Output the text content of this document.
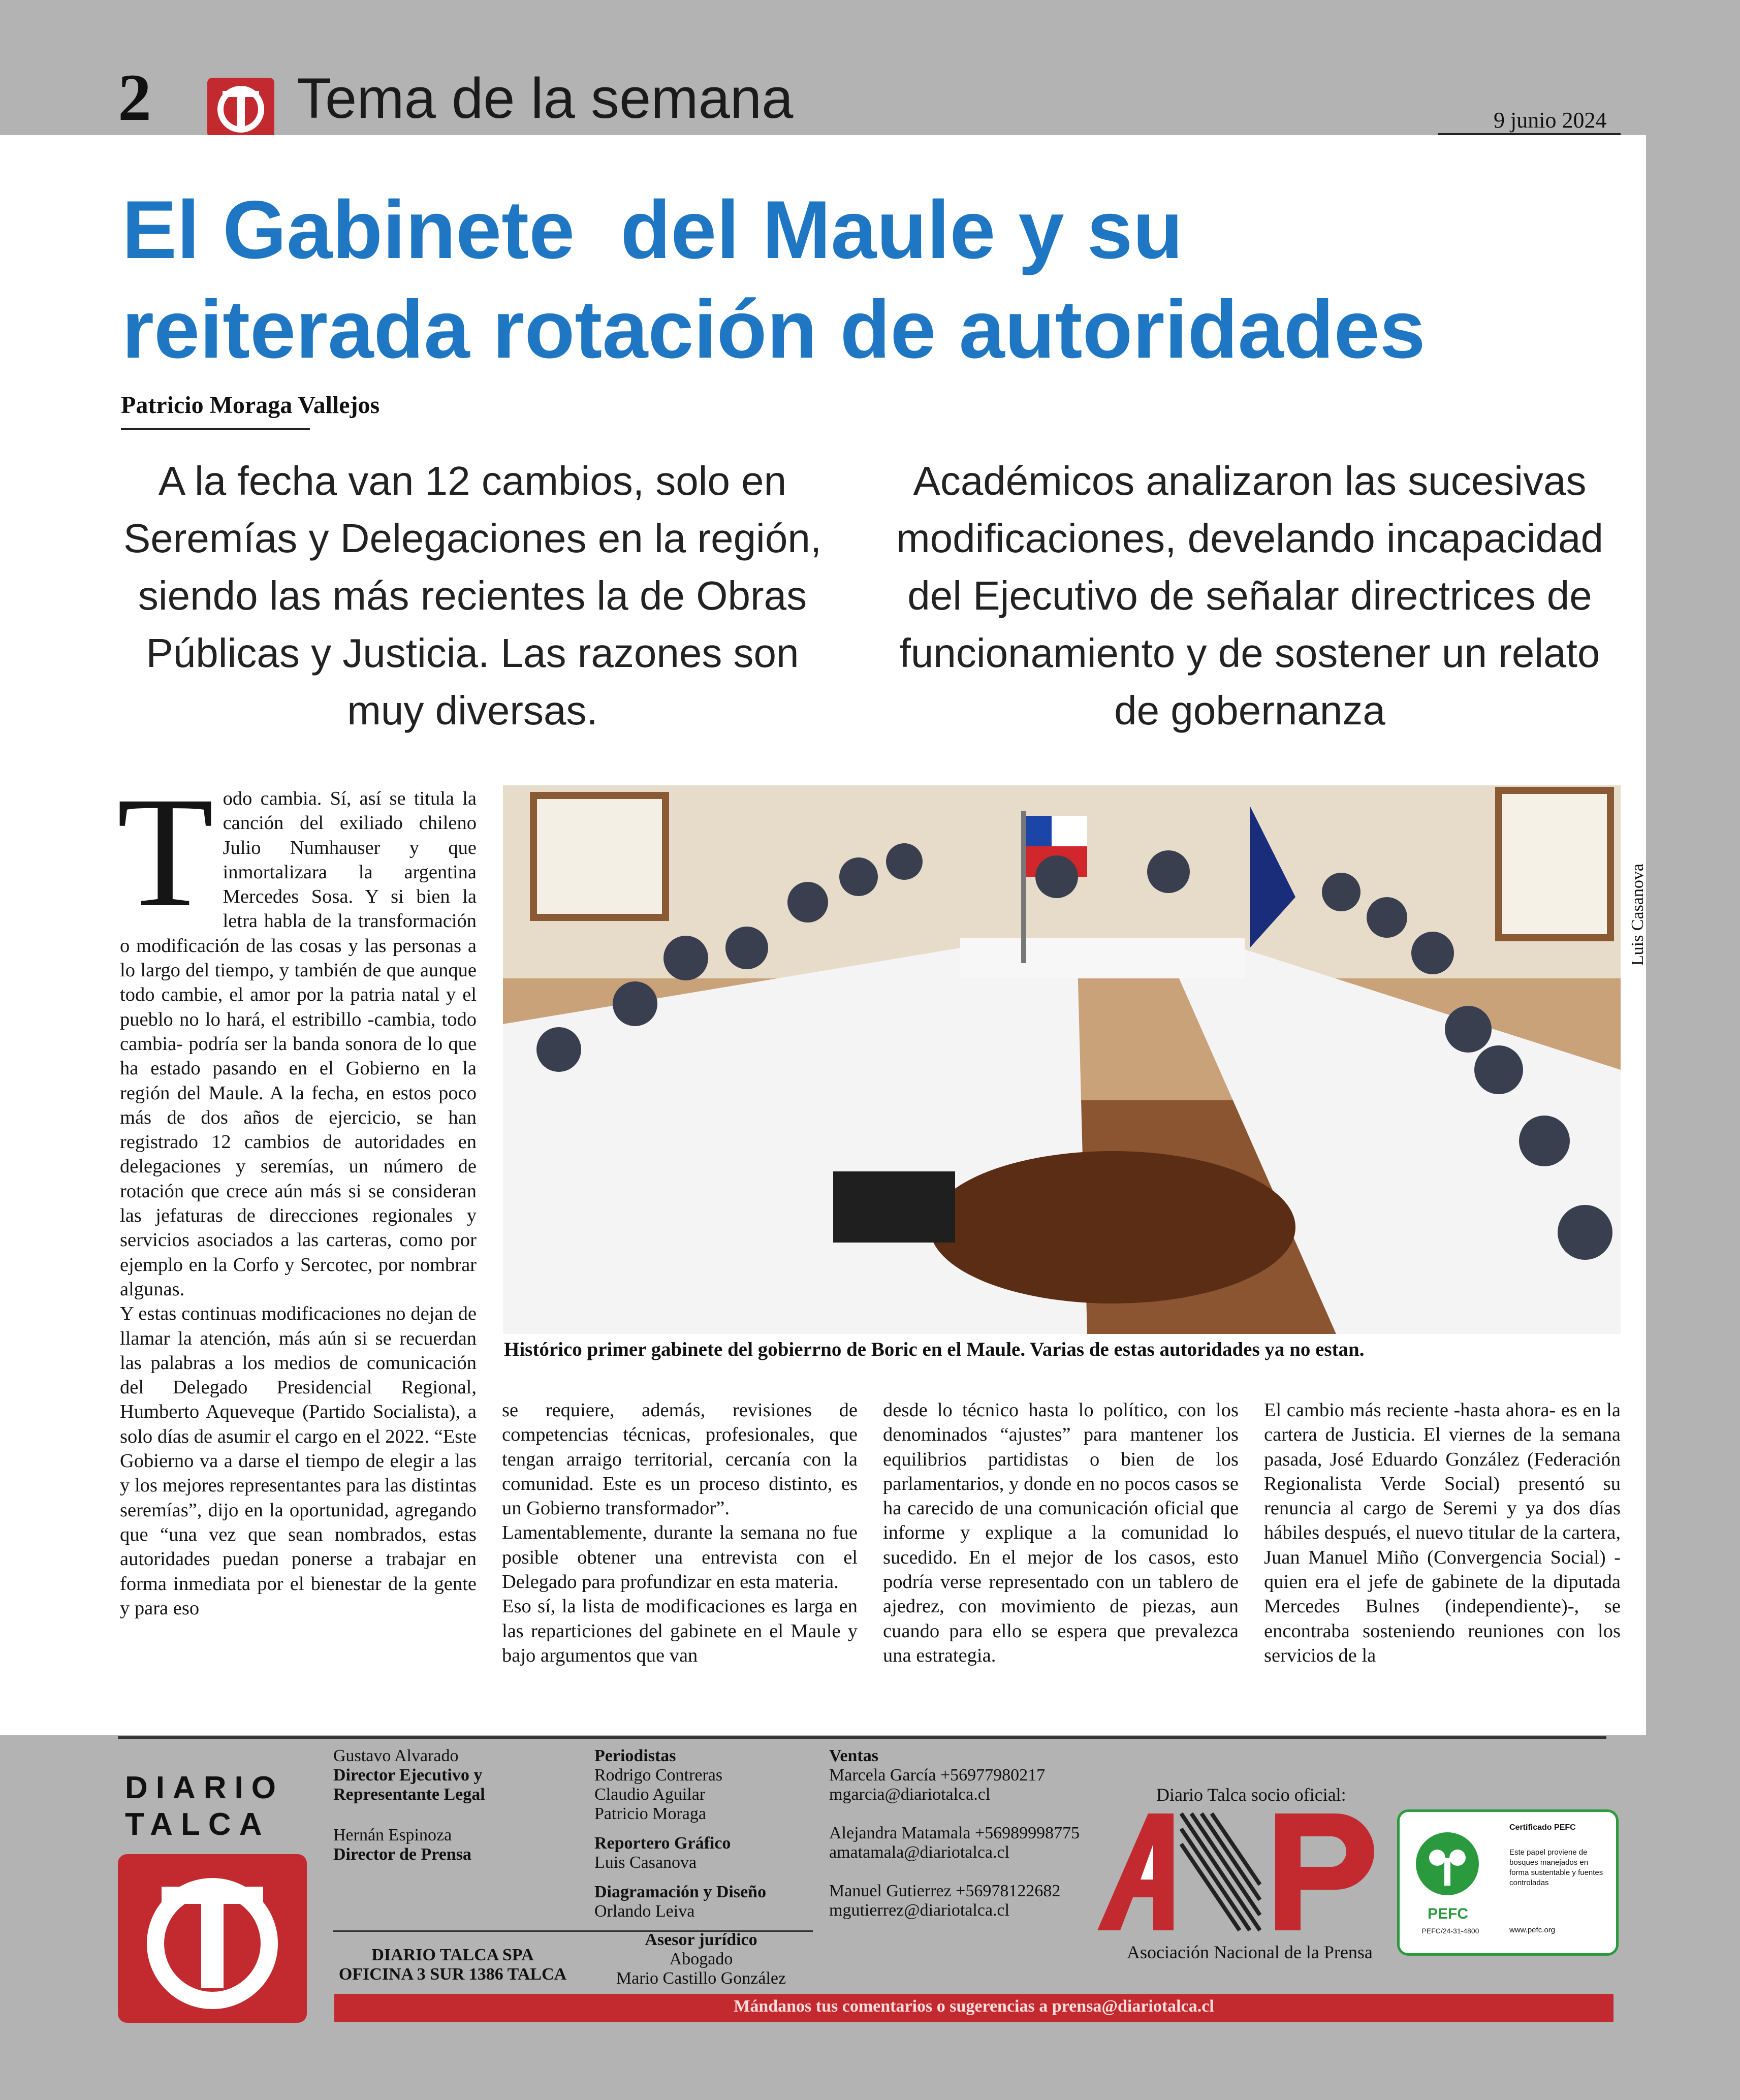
2	Tema de la semana	9 junio 2024
El Gabinete  del Maule y su
reiterada rotación de autoridades
Patricio Moraga Vallejos
A la fecha van 12 cambios, solo en Seremías y Delegaciones en la región, siendo las más recientes la de Obras Públicas y Justicia. Las razones son muy diversas.
Académicos analizaron las sucesivas modificaciones, develando incapacidad del Ejecutivo de señalar directrices de funcionamiento y de sostener un relato de gobernanza
T odo cambia. Sí, así se titula la canción del exiliado chileno Julio Numhauser y que inmortalizara la argentina Mercedes Sosa. Y si bien la letra habla de la transformación o modificación de las cosas y las personas a lo largo del tiempo, y también de que aunque todo cambie, el amor por la patria natal y el pueblo no lo hará, el estribillo -cambia, todo cambia- podría ser la banda sonora de lo que ha estado pasando en el Gobierno en la región del Maule. A la fecha, en estos poco más de dos años de ejercicio, se han registrado 12 cambios de autoridades en delegaciones y seremías, un número de rotación que crece aún más si se consideran las jefaturas de direcciones regionales y servicios asociados a las carteras, como por ejemplo en la Corfo y Sercotec, por nombrar algunas.

Y estas continuas modificaciones no dejan de llamar la atención, más aún si se recuerdan las palabras a los medios de comunicación del Delegado Presidencial Regional, Humberto Aqueveque (Partido Socialista), a solo días de asumir el cargo en el 2022. “Este Gobierno va a darse el tiempo de elegir a las y los mejores representantes para las distintas seremías”, dijo en la oportunidad, agregando que “una vez que sean nombrados, estas autoridades puedan ponerse a trabajar en forma inmediata por el bienestar de la gente y para eso

Luis Casanova
Histórico primer gabinete del gobierrno de Boric en el Maule. Varias de estas autoridades ya no estan.

se requiere, además, revisiones de competencias técnicas, profesionales, que tengan arraigo territorial, cercanía con la comunidad. Este es un proceso distinto, es un Gobierno transformador”.

Lamentablemente, durante la semana no fue posible obtener una entrevista con el Delegado para profundizar en esta materia.

Eso sí, la lista de modificaciones es larga en las reparticiones del gabinete en el Maule y bajo argumentos que van

desde lo técnico hasta lo político, con los denominados “ajustes” para mantener los equilibrios partidistas o bien de los parlamentarios, y donde en no pocos casos se ha carecido de una comunicación oficial que informe y explique a la comunidad lo sucedido. En el mejor de los casos, esto podría verse representado con un tablero de ajedrez, con movimiento de piezas, aun cuando para ello se espera que prevalezca una estrategia.

El cambio más reciente -hasta ahora- es en la cartera de Justicia. El viernes de la semana pasada, José Eduardo González (Federación Regionalista Verde Social) presentó su renuncia al cargo de Seremi y ya dos días hábiles después, el nuevo titular de la cartera, Juan Manuel Miño (Convergencia Social) -quien era el jefe de gabinete de la diputada Mercedes Bulnes (independiente)-, se encontraba sosteniendo reuniones con los servicios de la

DIARIO
TALCA
Gustavo Alvarado
Director Ejecutivo y Representante Legal
Hernán Espinoza
Director de Prensa
Periodistas
Rodrigo Contreras
Claudio Aguilar
Patricio Moraga
Reportero Gráfico
Luis Casanova
Diagramación y Diseño
Orlando Leiva
DIARIO TALCA SPA
OFICINA 3 SUR 1386 TALCA
Asesor jurídico
Abogado
Mario Castillo González
Ventas
Marcela García +56977980217
mgarcia@diariotalca.cl
Alejandra Matamala +56989998775
amatamala@diariotalca.cl
Manuel Gutierrez +56978122682
mgutierrez@diariotalca.cl
Diario Talca socio oficial:
Asociación Nacional de la Prensa
PEFC
PEFC/24-31-4800
Certificado PEFC
Este papel proviene de bosques manejados en forma sustentable y fuentes controladas
www.pefc.org
Mándanos tus comentarios o sugerencias a prensa@diariotalca.cl
